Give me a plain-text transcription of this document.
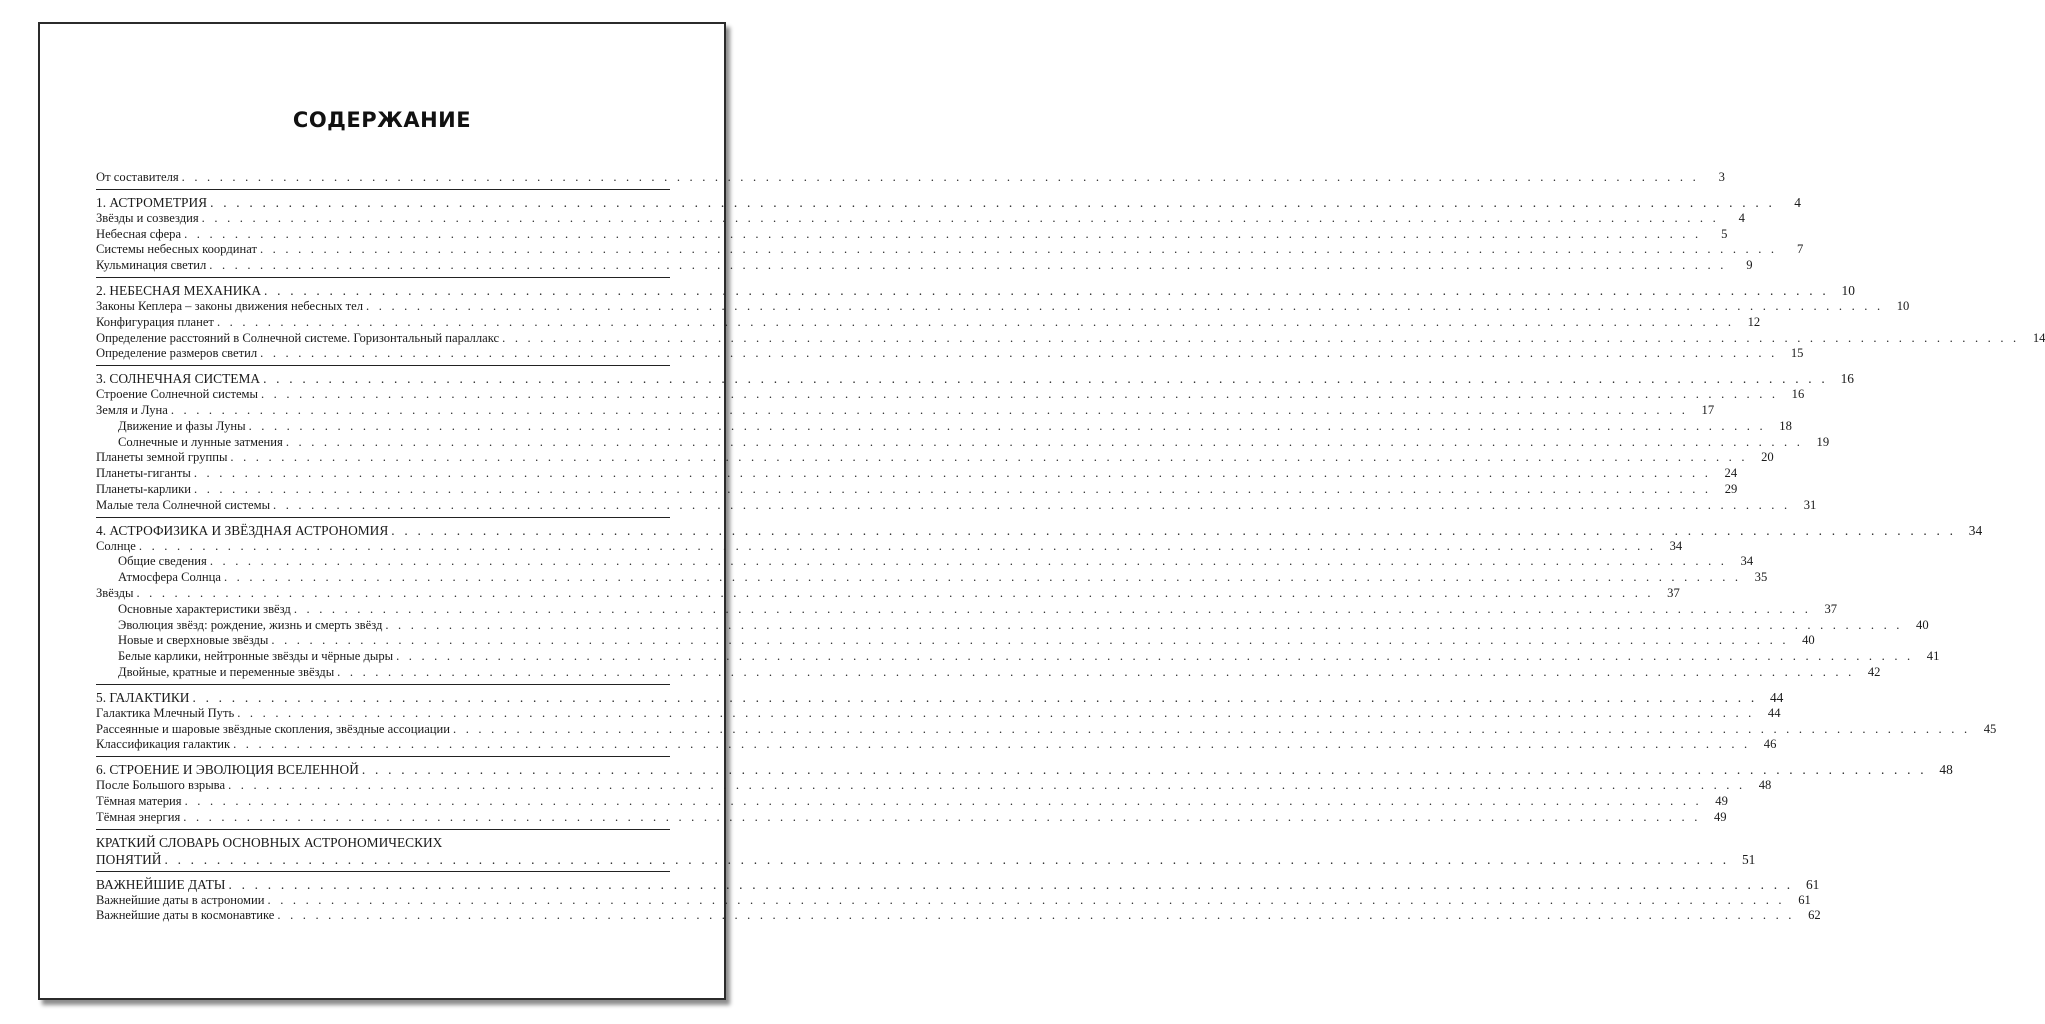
СОДЕРЖАНИЕ
От составителя . . . . . . . . . . . . . . . . . . . . . . . . . . . . . . . . . . . . . . . . . . . . . . . . . . . . . . . . . . . . . . . . . . . . . . . . . . . . . . . . . . . . . . . . . . . . . . . . . . . . . . . . . . . . . . . . . . . . . . . .	3
1. АСТРОМЕТРИЯ . . . . . . . . . . . . . . . . . . . . . . . . . . . . . . . . . . . . . . . . . . . . . . . . . . . . . . . . . . . . . . . . . . . . . . . . . . . . . . . . . . . . . . . . . . . . . . . . . . . . . . . . . . . . . . . . . . . . . . . .	4
Звёзды и созвездия . . . . . . . . . . . . . . . . . . . . . . . . . . . . . . . . . . . . . . . . . . . . . . . . . . . . . . . . . . . . . . . . . . . . . . . . . . . . . . . . . . . . . . . . . . . . . . . . . . . . . . . . . . . . . . . . . . . . . . . .	4
Небесная сфера . . . . . . . . . . . . . . . . . . . . . . . . . . . . . . . . . . . . . . . . . . . . . . . . . . . . . . . . . . . . . . . . . . . . . . . . . . . . . . . . . . . . . . . . . . . . . . . . . . . . . . . . . . . . . . . . . . . . . . . .	5
Системы небесных координат . . . . . . . . . . . . . . . . . . . . . . . . . . . . . . . . . . . . . . . . . . . . . . . . . . . . . . . . . . . . . . . . . . . . . . . . . . . . . . . . . . . . . . . . . . . . . . . . . . . . . . . . . . . . . . . . . . . . . . . .	7
Кульминация светил . . . . . . . . . . . . . . . . . . . . . . . . . . . . . . . . . . . . . . . . . . . . . . . . . . . . . . . . . . . . . . . . . . . . . . . . . . . . . . . . . . . . . . . . . . . . . . . . . . . . . . . . . . . . . . . . . . . . . . . .	9
2. НЕБЕСНАЯ МЕХАНИКА . . . . . . . . . . . . . . . . . . . . . . . . . . . . . . . . . . . . . . . . . . . . . . . . . . . . . . . . . . . . . . . . . . . . . . . . . . . . . . . . . . . . . . . . . . . . . . . . . . . . . . . . . . . . . . . . . . . . . . . . 10
Законы Кеплера – законы движения небесных тел . . . . . . . . . . . . . . . . . . . . . . . . . . . . . . . . . . . . . . . . . . . . . . . . . . . . . . . . . . . . . . . . . . . . . . . . . . . . . . . . . . . . . . . . . . . . . . . . . . . . . . . . . . . . . . . . . . . . . . . .	10
Конфигурация планет . . . . . . . . . . . . . . . . . . . . . . . . . . . . . . . . . . . . . . . . . . . . . . . . . . . . . . . . . . . . . . . . . . . . . . . . . . . . . . . . . . . . . . . . . . . . . . . . . . . . . . . . . . . . . . . . . . . . . . . .	12
Определение расстояний в Солнечной системе. Горизонтальный параллакс . . . . . . . . . . . . . . . . . . . . . . . . . . . . . . . . . . . . . . . . . . . . . . . . . . . . . . . . . . . . . . . . . . . . . . . . . . . . . . . . . . . . . . . . . . . . . . . . . . . . . . . . . . . . . . . . . . . . . . . .	14
Определение размеров светил . . . . . . . . . . . . . . . . . . . . . . . . . . . . . . . . . . . . . . . . . . . . . . . . . . . . . . . . . . . . . . . . . . . . . . . . . . . . . . . . . . . . . . . . . . . . . . . . . . . . . . . . . . . . . . . . . . . . . . . .	15
3. СОЛНЕЧНАЯ СИСТЕМА . . . . . . . . . . . . . . . . . . . . . . . . . . . . . . . . . . . . . . . . . . . . . . . . . . . . . . . . . . . . . . . . . . . . . . . . . . . . . . . . . . . . . . . . . . . . . . . . . . . . . . . . . . . . . . . . . . . . . . . . 16
Строение Солнечной системы . . . . . . . . . . . . . . . . . . . . . . . . . . . . . . . . . . . . . . . . . . . . . . . . . . . . . . . . . . . . . . . . . . . . . . . . . . . . . . . . . . . . . . . . . . . . . . . . . . . . . . . . . . . . . . . . . . . . . . . .	16
Земля и Луна . . . . . . . . . . . . . . . . . . . . . . . . . . . . . . . . . . . . . . . . . . . . . . . . . . . . . . . . . . . . . . . . . . . . . . . . . . . . . . . . . . . . . . . . . . . . . . . . . . . . . . . . . . . . . . . . . . . . . . . .	17
Движение и фазы Луны . . . . . . . . . . . . . . . . . . . . . . . . . . . . . . . . . . . . . . . . . . . . . . . . . . . . . . . . . . . . . . . . . . . . . . . . . . . . . . . . . . . . . . . . . . . . . . . . . . . . . . . . . . . . . . . . . . . . . . . .	18
Солнечные и лунные затмения . . . . . . . . . . . . . . . . . . . . . . . . . . . . . . . . . . . . . . . . . . . . . . . . . . . . . . . . . . . . . . . . . . . . . . . . . . . . . . . . . . . . . . . . . . . . . . . . . . . . . . . . . . . . . . . . . . . . . . . .	19
Планеты земной группы . . . . . . . . . . . . . . . . . . . . . . . . . . . . . . . . . . . . . . . . . . . . . . . . . . . . . . . . . . . . . . . . . . . . . . . . . . . . . . . . . . . . . . . . . . . . . . . . . . . . . . . . . . . . . . . . . . . . . . . .	20
Планеты-гиганты . . . . . . . . . . . . . . . . . . . . . . . . . . . . . . . . . . . . . . . . . . . . . . . . . . . . . . . . . . . . . . . . . . . . . . . . . . . . . . . . . . . . . . . . . . . . . . . . . . . . . . . . . . . . . . . . . . . . . . . .	24
Планеты-карлики . . . . . . . . . . . . . . . . . . . . . . . . . . . . . . . . . . . . . . . . . . . . . . . . . . . . . . . . . . . . . . . . . . . . . . . . . . . . . . . . . . . . . . . . . . . . . . . . . . . . . . . . . . . . . . . . . . . . . . . .	29
Малые тела Солнечной системы . . . . . . . . . . . . . . . . . . . . . . . . . . . . . . . . . . . . . . . . . . . . . . . . . . . . . . . . . . . . . . . . . . . . . . . . . . . . . . . . . . . . . . . . . . . . . . . . . . . . . . . . . . . . . . . . . . . . . . . .	31
4. АСТРОФИЗИКА И ЗВЁЗДНАЯ АСТРОНОМИЯ . . . . . . . . . . . . . . . . . . . . . . . . . . . . . . . . . . . . . . . . . . . . . . . . . . . . . . . . . . . . . . . . . . . . . . . . . . . . . . . . . . . . . . . . . . . . . . . . . . . . . . . . . . . . . . . . . . . . . . . . 34
Солнце . . . . . . . . . . . . . . . . . . . . . . . . . . . . . . . . . . . . . . . . . . . . . . . . . . . . . . . . . . . . . . . . . . . . . . . . . . . . . . . . . . . . . . . . . . . . . . . . . . . . . . . . . . . . . . . . . . . . . . . .	34
Общие сведения . . . . . . . . . . . . . . . . . . . . . . . . . . . . . . . . . . . . . . . . . . . . . . . . . . . . . . . . . . . . . . . . . . . . . . . . . . . . . . . . . . . . . . . . . . . . . . . . . . . . . . . . . . . . . . . . . . . . . . . .	34
Атмосфера Солнца . . . . . . . . . . . . . . . . . . . . . . . . . . . . . . . . . . . . . . . . . . . . . . . . . . . . . . . . . . . . . . . . . . . . . . . . . . . . . . . . . . . . . . . . . . . . . . . . . . . . . . . . . . . . . . . . . . . . . . . .	35
Звёзды . . . . . . . . . . . . . . . . . . . . . . . . . . . . . . . . . . . . . . . . . . . . . . . . . . . . . . . . . . . . . . . . . . . . . . . . . . . . . . . . . . . . . . . . . . . . . . . . . . . . . . . . . . . . . . . . . . . . . . . .	37
Основные характеристики звёзд . . . . . . . . . . . . . . . . . . . . . . . . . . . . . . . . . . . . . . . . . . . . . . . . . . . . . . . . . . . . . . . . . . . . . . . . . . . . . . . . . . . . . . . . . . . . . . . . . . . . . . . . . . . . . . . . . . . . . . . .	37
Эволюция звёзд: рождение, жизнь и смерть звёзд . . . . . . . . . . . . . . . . . . . . . . . . . . . . . . . . . . . . . . . . . . . . . . . . . . . . . . . . . . . . . . . . . . . . . . . . . . . . . . . . . . . . . . . . . . . . . . . . . . . . . . . . . . . . . . . . . . . . . . . .	40
Новые и сверхновые звёзды . . . . . . . . . . . . . . . . . . . . . . . . . . . . . . . . . . . . . . . . . . . . . . . . . . . . . . . . . . . . . . . . . . . . . . . . . . . . . . . . . . . . . . . . . . . . . . . . . . . . . . . . . . . . . . . . . . . . . . . .	40
Белые карлики, нейтронные звёзды и чёрные дыры . . . . . . . . . . . . . . . . . . . . . . . . . . . . . . . . . . . . . . . . . . . . . . . . . . . . . . . . . . . . . . . . . . . . . . . . . . . . . . . . . . . . . . . . . . . . . . . . . . . . . . . . . . . . . . . . . . . . . . . .	41
Двойные, кратные и переменные звёзды . . . . . . . . . . . . . . . . . . . . . . . . . . . . . . . . . . . . . . . . . . . . . . . . . . . . . . . . . . . . . . . . . . . . . . . . . . . . . . . . . . . . . . . . . . . . . . . . . . . . . . . . . . . . . . . . . . . . . . . .	42
5. ГАЛАКТИКИ . . . . . . . . . . . . . . . . . . . . . . . . . . . . . . . . . . . . . . . . . . . . . . . . . . . . . . . . . . . . . . . . . . . . . . . . . . . . . . . . . . . . . . . . . . . . . . . . . . . . . . . . . . . . . . . . . . . . . . . . 44
Галактика Млечный Путь . . . . . . . . . . . . . . . . . . . . . . . . . . . . . . . . . . . . . . . . . . . . . . . . . . . . . . . . . . . . . . . . . . . . . . . . . . . . . . . . . . . . . . . . . . . . . . . . . . . . . . . . . . . . . . . . . . . . . . . .	44
Рассеянные и шаровые звёздные скопления, звёздные ассоциации . . . . . . . . . . . . . . . . . . . . . . . . . . . . . . . . . . . . . . . . . . . . . . . . . . . . . . . . . . . . . . . . . . . . . . . . . . . . . . . . . . . . . . . . . . . . . . . . . . . . . . . . . . . . . . . . . . . . . . . .	45
Классификация галактик . . . . . . . . . . . . . . . . . . . . . . . . . . . . . . . . . . . . . . . . . . . . . . . . . . . . . . . . . . . . . . . . . . . . . . . . . . . . . . . . . . . . . . . . . . . . . . . . . . . . . . . . . . . . . . . . . . . . . . . .	46
6. СТРОЕНИЕ И ЭВОЛЮЦИЯ ВСЕЛЕННОЙ . . . . . . . . . . . . . . . . . . . . . . . . . . . . . . . . . . . . . . . . . . . . . . . . . . . . . . . . . . . . . . . . . . . . . . . . . . . . . . . . . . . . . . . . . . . . . . . . . . . . . . . . . . . . . . . . . . . . . . . . 48
После Большого взрыва . . . . . . . . . . . . . . . . . . . . . . . . . . . . . . . . . . . . . . . . . . . . . . . . . . . . . . . . . . . . . . . . . . . . . . . . . . . . . . . . . . . . . . . . . . . . . . . . . . . . . . . . . . . . . . . . . . . . . . . .	48
Тёмная материя . . . . . . . . . . . . . . . . . . . . . . . . . . . . . . . . . . . . . . . . . . . . . . . . . . . . . . . . . . . . . . . . . . . . . . . . . . . . . . . . . . . . . . . . . . . . . . . . . . . . . . . . . . . . . . . . . . . . . . . .	49
Тёмная энергия . . . . . . . . . . . . . . . . . . . . . . . . . . . . . . . . . . . . . . . . . . . . . . . . . . . . . . . . . . . . . . . . . . . . . . . . . . . . . . . . . . . . . . . . . . . . . . . . . . . . . . . . . . . . . . . . . . . . . . . .	49
КРАТКИЙ СЛОВАРЬ ОСНОВНЫХ АСТРОНОМИЧЕСКИХ
ПОНЯТИЙ . . . . . . . . . . . . . . . . . . . . . . . . . . . . . . . . . . . . . . . . . . . . . . . . . . . . . . . . . . . . . . . . . . . . . . . . . . . . . . . . . . . . . . . . . . . . . . . . . . . . . . . . . . . . . . . . . . . . . . . . 51
ВАЖНЕЙШИЕ ДАТЫ . . . . . . . . . . . . . . . . . . . . . . . . . . . . . . . . . . . . . . . . . . . . . . . . . . . . . . . . . . . . . . . . . . . . . . . . . . . . . . . . . . . . . . . . . . . . . . . . . . . . . . . . . . . . . . . . . . . . . . . . 61
Важнейшие даты в астрономии . . . . . . . . . . . . . . . . . . . . . . . . . . . . . . . . . . . . . . . . . . . . . . . . . . . . . . . . . . . . . . . . . . . . . . . . . . . . . . . . . . . . . . . . . . . . . . . . . . . . . . . . . . . . . . . . . . . . . . . .	61
Важнейшие даты в космонавтике . . . . . . . . . . . . . . . . . . . . . . . . . . . . . . . . . . . . . . . . . . . . . . . . . . . . . . . . . . . . . . . . . . . . . . . . . . . . . . . . . . . . . . . . . . . . . . . . . . . . . . . . . . . . . . . . . . . . . . . .	62
